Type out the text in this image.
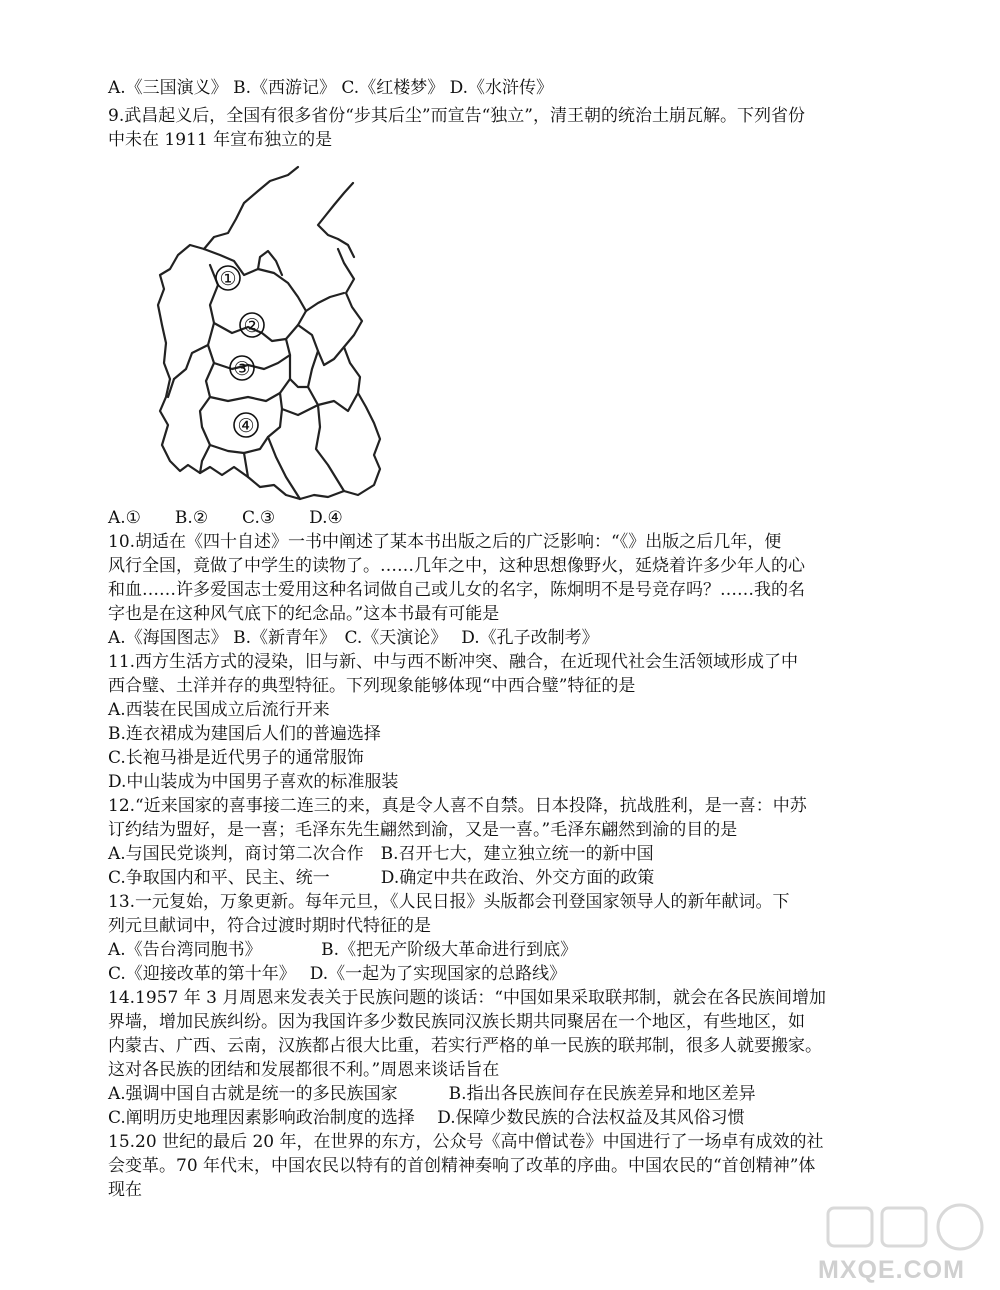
A.《三国演义》 B.《西游记》 C.《红楼梦》 D.《水浒传》
9.武昌起义后，全国有很多省份“步其后尘”而宣告“独立”，清王朝的统治土崩瓦解。下列省份
中未在 1911 年宣布独立的是
①
②
③
④
A.①　　B.②　　C.③　　D.④
10.胡适在《四十自述》一书中阐述了某本书出版之后的广泛影响：“《》出版之后几年，便
风行全国，竟做了中学生的读物了。……几年之中，这种思想像野火，延烧着许多少年人的心
和血……许多爱国志士爱用这种名词做自己或儿女的名字，陈炯明不是号竞存吗？……我的名
字也是在这种风气底下的纪念品。”这本书最有可能是
A.《海国图志》 B.《新青年》　C.《天演论》　 D.《孔子改制考》
11.西方生活方式的浸染，旧与新、中与西不断冲突、融合，在近现代社会生活领域形成了中
西合璧、土洋并存的典型特征。下列现象能够体现“中西合璧”特征的是
A.西装在民国成立后流行开来
B.连衣裙成为建国后人们的普遍选择
C.长袍马褂是近代男子的通常服饰
D.中山装成为中国男子喜欢的标准服装
12.“近来国家的喜事接二连三的来，真是令人喜不自禁。日本投降，抗战胜利，是一喜：中苏
订约结为盟好，是一喜；毛泽东先生翩然到渝，又是一喜。”毛泽东翩然到渝的目的是
A.与国民党谈判，商讨第二次合作　B.召开七大，建立独立统一的新中国
C.争取国内和平、民主、统一　　　D.确定中共在政治、外交方面的政策
13.一元复始，万象更新。每年元旦，《人民日报》头版都会刊登国家领导人的新年献词。下
列元旦献词中，符合过渡时期时代特征的是
A.《告台湾同胞书》　　　　B.《把无产阶级大革命进行到底》
C.《迎接改革的第十年》　 D.《一起为了实现国家的总路线》
14.1957 年 3 月周恩来发表关于民族问题的谈话：“中国如果采取联邦制，就会在各民族间增加
界墙，增加民族纠纷。因为我国许多少数民族同汉族长期共同聚居在一个地区，有些地区，如
内蒙古、广西、云南，汉族都占很大比重，若实行严格的单一民族的联邦制，很多人就要搬家。
这对各民族的团结和发展都很不利。”周恩来谈话旨在
A.强调中国自古就是统一的多民族国家　　　B.指出各民族间存在民族差异和地区差异
C.阐明历史地理因素影响政治制度的选择　 D.保障少数民族的合法权益及其风俗习惯
15.20 世纪的最后 20 年，在世界的东方，公众号《高中僧试卷》中国进行了一场卓有成效的社
会变革。70 年代末，中国农民以特有的首创精神奏响了改革的序曲。中国农民的“首创精神”体
现在
MXQE.COM
